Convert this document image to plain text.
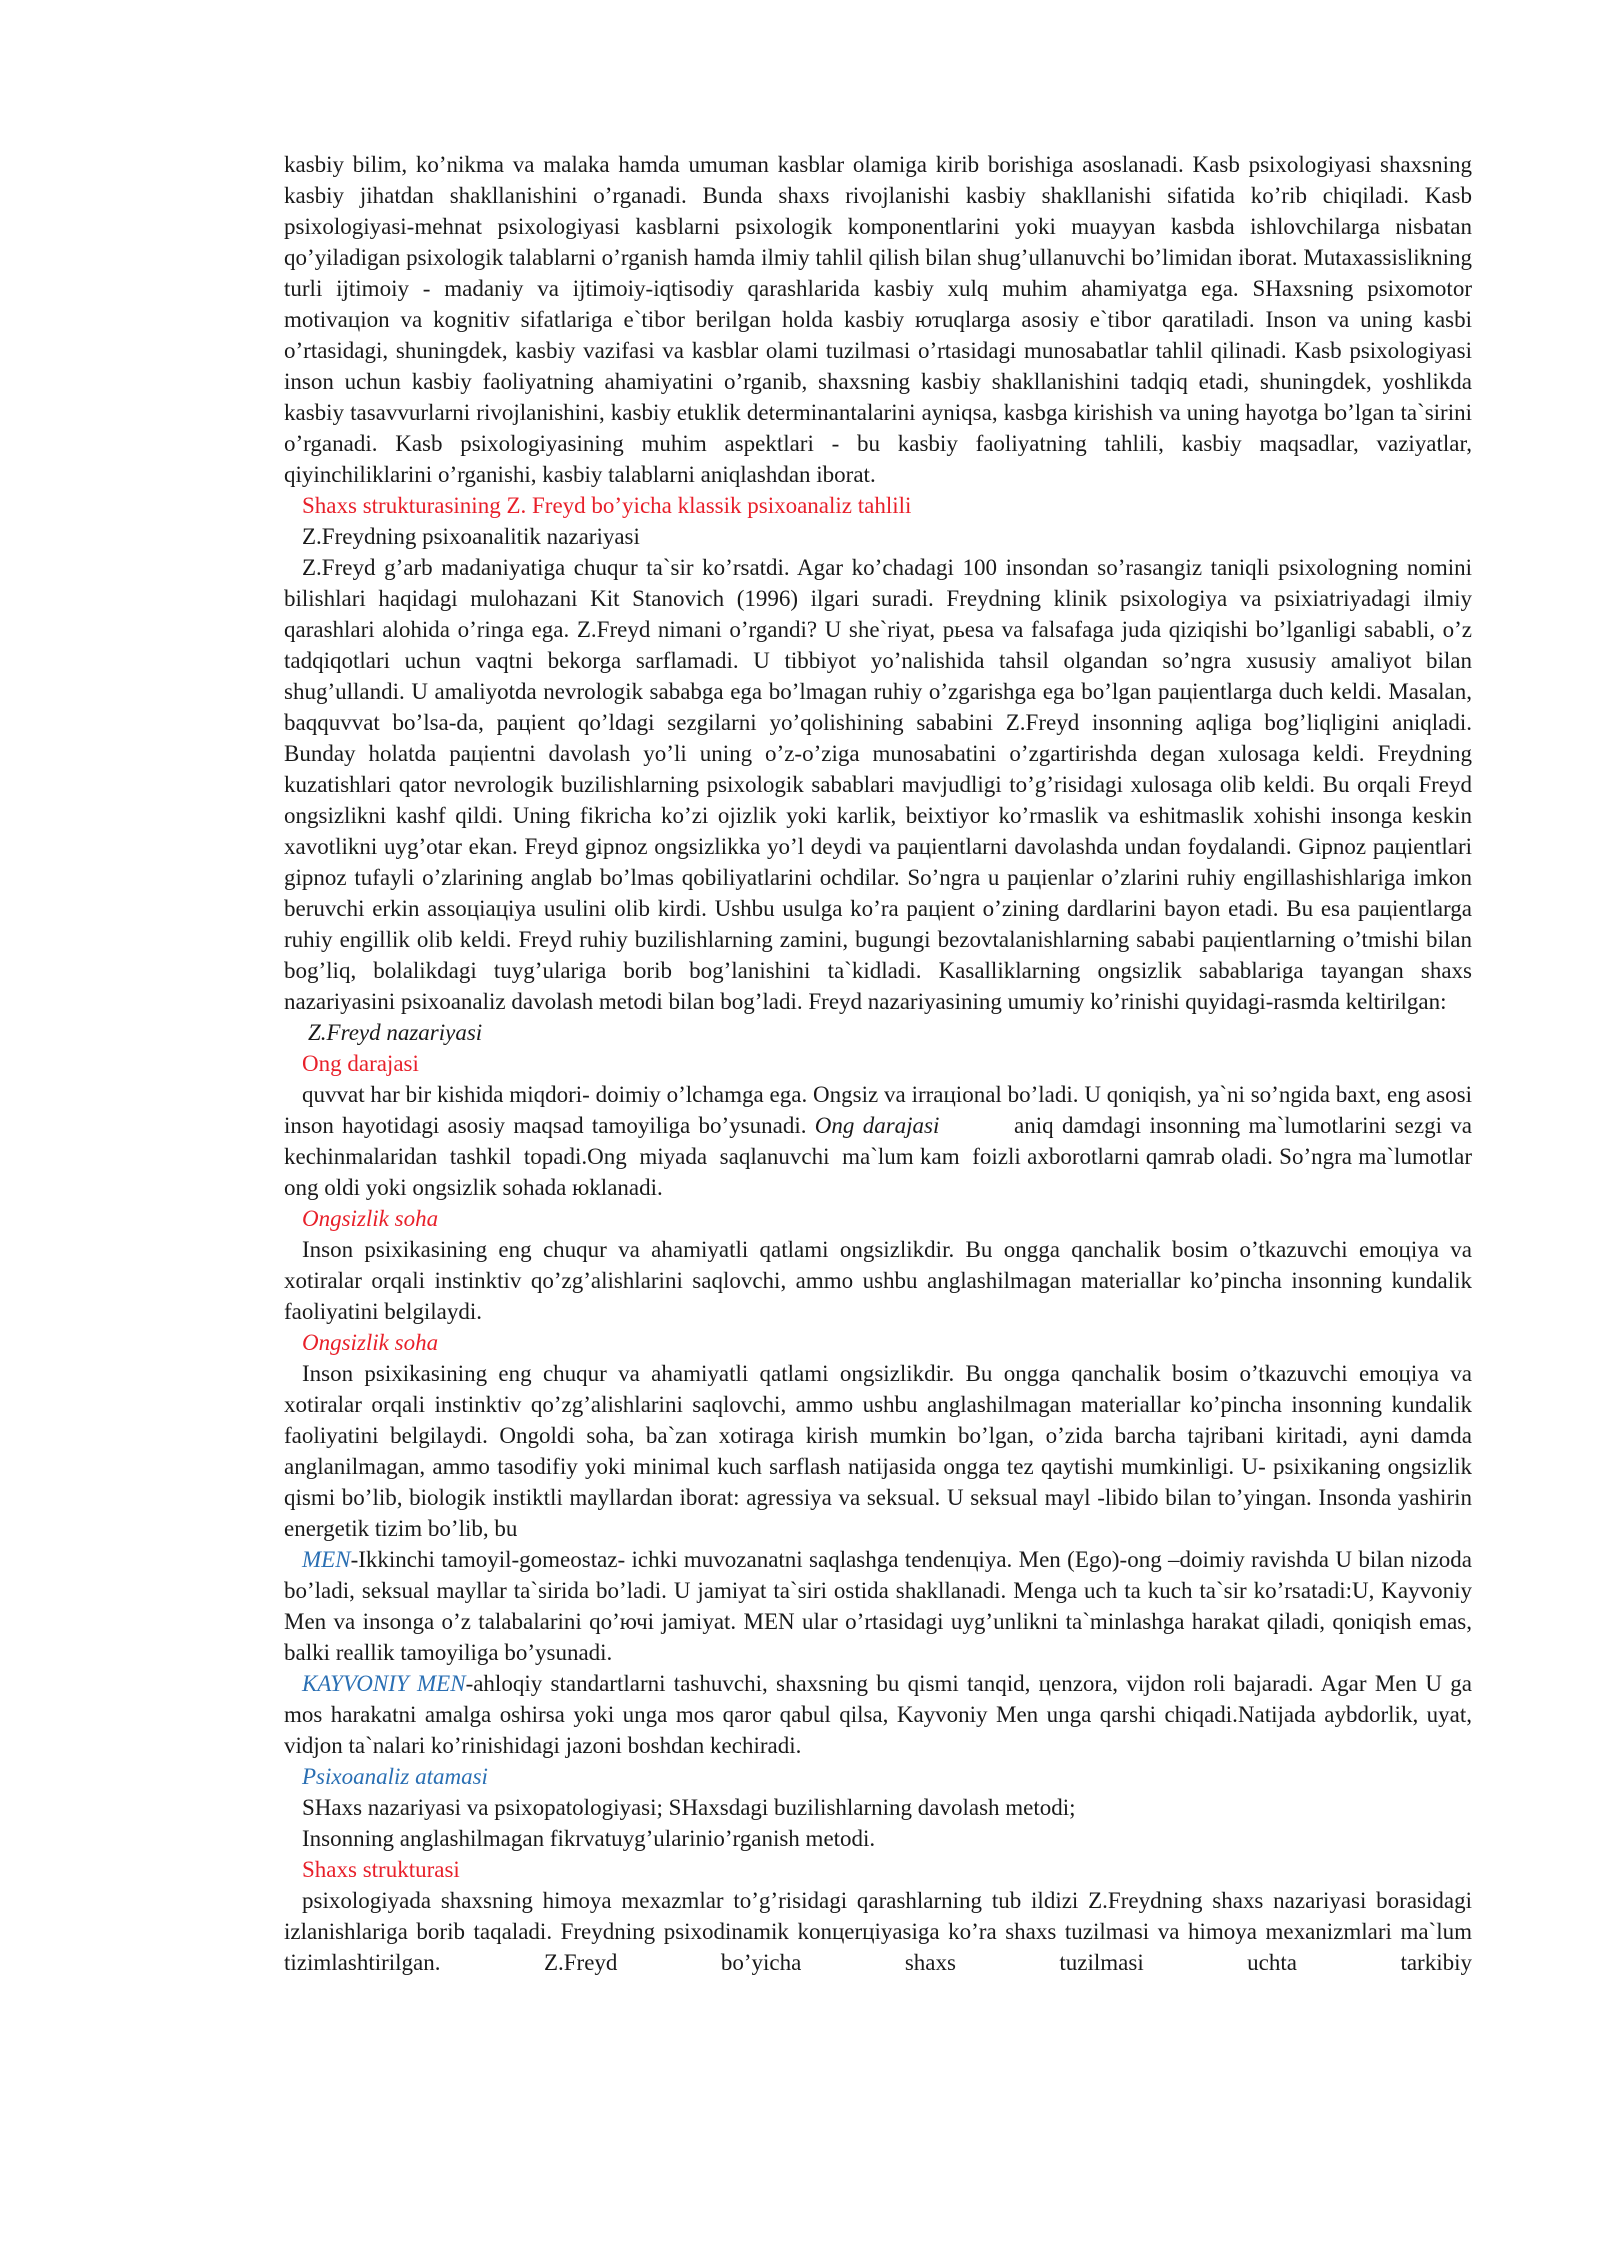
kasbiy bilim, ko’nikma va malaka hamda umuman kasblar olamiga kirib borishiga asoslanadi. Kasb psixologiyasi shaxsning kasbiy jihatdan shakllanishini o’rganadi. Bunda shaxs rivojlanishi kasbiy shakllanishi sifatida ko’rib chiqiladi. Kasb psixologiyasi-mehnat psixologiyasi kasblarni psixologik komponentlarini yoki muayyan kasbda ishlovchilarga nisbatan qo’yiladigan psixologik talablarni o’rganish hamda ilmiy tahlil qilish bilan shug’ullanuvchi bo’limidan iborat. Mutaxassislikning turli ijtimoiy - madaniy va ijtimoiy-iqtisodiy qarashlarida kasbiy xulq muhim ahamiyatga ega. SHaxsning psixomotor motivaцion va kognitiv sifatlariga e`tibor berilgan holda kasbiy ютuqlarga asosiy e`tibor qaratiladi. Inson va uning kasbi o’rtasidagi, shuningdek, kasbiy vazifasi va kasblar olami tuzilmasi o’rtasidagi munosabatlar tahlil qilinadi. Kasb psixologiyasi inson uchun kasbiy faoliyatning ahamiyatini o’rganib, shaxsning kasbiy shakllanishini tadqiq etadi, shuningdek, yoshlikda kasbiy tasavvurlarni rivojlanishini, kasbiy etuklik determinantalarini ayniqsa, kasbga kirishish va uning hayotga bo’lgan ta`sirini o’rganadi. Kasb psixologiyasining muhim aspektlari - bu kasbiy faoliyatning tahlili, kasbiy maqsadlar, vaziyatlar, qiyinchiliklarini o’rganishi, kasbiy talablarni aniqlashdan iborat.

Shaxs strukturasining Z. Freyd bo’yicha klassik psixoanaliz tahlili
Z.Freydning psixoanalitik nazariyasi

Z.Freyd g’arb madaniyatiga chuqur ta`sir ko’rsatdi. Agar ko’chadagi 100 insondan so’rasangiz taniqli psixologning nomini bilishlari haqidagi mulohazani Kit Stanovich (1996) ilgari suradi. Freydning klinik psixologiya va psixiatriyadagi ilmiy qarashlari alohida o’ringa ega. Z.Freyd nimani o’rgandi? U she`riyat, рьesa va falsafaga juda qiziqishi bo’lganligi sababli, o’z tadqiqotlari uchun vaqtni bekorga sarflamadi. U tibbiyot yo’nalishida tahsil olgandan so’ngra xususiy amaliyot bilan shug’ullandi. U amaliyotda nevrologik sababga ega bo’lmagan ruhiy o’zgarishga ega bo’lgan paцientlarga duch keldi. Masalan, baqquvvat bo’lsa-da, paцient qo’ldagi sezgilarni yo’qolishining sababini Z.Freyd insonning aqliga bog’liqligini aniqladi. Bunday holatda paцientni davolash yo’li uning o’z-o’ziga munosabatini o’zgartirishda degan xulosaga keldi. Freydning kuzatishlari qator nevrologik buzilishlarning psixologik sabablari mavjudligi to’g’risidagi xulosaga olib keldi. Bu orqali Freyd ongsizlikni kashf qildi. Uning fikricha ko’zi ojizlik yoki karlik, beixtiyor ko’rmaslik va eshitmaslik xohishi insonga keskin xavotlikni uyg’otar ekan. Freyd gipnoz ongsizlikka yo’l deydi va paцientlarni davolashda undan foydalandi. Gipnoz paцientlari gipnoz tufayli o’zlarining anglab bo’lmas qobiliyatlarini ochdilar. So’ngra u paцienlar o’zlarini ruhiy engillashishlariga imkon beruvchi erkin assoцiaцiya usulini olib kirdi. Ushbu usulga ko’ra paцient o’zining dardlarini bayon etadi. Bu esa paцientlarga ruhiy engillik olib keldi. Freyd ruhiy buzilishlarning zamini, bugungi bezovtalanishlarning sababi paцientlarning o’tmishi bilan bog’liq, bolalikdagi tuyg’ulariga borib bog’lanishini ta`kidladi. Kasalliklarning ongsizlik sabablariga tayangan shaxs nazariyasini psixoanaliz davolash metodi bilan bog’ladi. Freyd nazariyasining umumiy ko’rinishi quyidagi-rasmda keltirilgan:

Z.Freyd nazariyasi
Ong darajasi

quvvat har bir kishida miqdori- doimiy o’lchamga ega. Ongsiz va irraцional bo’ladi. U qoniqish, ya`ni so’ngida baxt, eng asosi inson hayotidagi asosiy maqsad tamoyiliga bo’ysunadi. Ong darajasi         aniq damdagi insonning ma`lumotlarini sezgi va kechinmalaridan  tashkil  topadi.Ong  miyada  saqlanuvchi  ma`lum kam  foizli axborotlarni qamrab oladi. So’ngra ma`lumotlar ong oldi yoki ongsizlik sohada юklanadi.

Ongsizlik soha

Inson psixikasining eng chuqur va ahamiyatli qatlami ongsizlikdir. Bu ongga qanchalik bosim o’tkazuvchi emoцiya va xotiralar orqali instinktiv qo’zg’alishlarini saqlovchi, ammo ushbu anglashilmagan materiallar ko’pincha insonning kundalik faoliyatini belgilaydi.

Ongsizlik soha

Inson psixikasining eng chuqur va ahamiyatli qatlami ongsizlikdir. Bu ongga qanchalik bosim o’tkazuvchi emoцiya va xotiralar orqali instinktiv qo’zg’alishlarini saqlovchi, ammo ushbu anglashilmagan materiallar ko’pincha insonning kundalik faoliyatini belgilaydi. Ongoldi soha, ba`zan xotiraga kirish mumkin bo’lgan, o’zida barcha tajribani kiritadi, ayni damda anglanilmagan, ammo tasodifiy yoki minimal kuch sarflash natijasida ongga tez qaytishi mumkinligi. U- psixikaning ongsizlik qismi bo’lib, biologik instiktli mayllardan iborat: agressiya va seksual. U seksual mayl -libido bilan to’yingan. Insonda yashirin energetik tizim bo’lib, bu

MEN-Ikkinchi tamoyil-gomeostaz- ichki muvozanatni saqlashga tendenцiya. Men (Ego)-ong –doimiy ravishda U bilan nizoda bo’ladi, seksual mayllar ta`sirida bo’ladi. U jamiyat ta`siri ostida shakllanadi. Menga uch ta kuch ta`sir ko’rsatadi:U, Kayvoniy Men va insonga o’z talabalarini qo’ючi jamiyat. MEN ular o’rtasidagi uyg’unlikni ta`minlashga harakat qiladi, qoniqish emas, balki reallik tamoyiliga bo’ysunadi.

KAYVONIY MEN-ahloqiy standartlarni tashuvchi, shaxsning bu qismi tanqid, цenzora, vijdon roli bajaradi. Agar Men U ga mos harakatni amalga oshirsa yoki unga mos qaror qabul qilsa, Kayvoniy Men unga qarshi chiqadi.Natijada aybdorlik, uyat, vidjon ta`nalari ko’rinishidagi jazoni boshdan kechiradi.

Psixoanaliz atamasi
SHaxs nazariyasi va psixopatologiyasi; SHaxsdagi buzilishlarning davolash metodi;
Insonning anglashilmagan fikrvatuyg’ularinio’rganish metodi.
Shaxs strukturasi

psixologiyada shaxsning himoya mexazmlar to’g’risidagi qarashlarning tub ildizi Z.Freydning shaxs nazariyasi borasidagi izlanishlariga borib taqaladi. Freydning psixodinamik konцerцiyasiga ko’ra shaxs tuzilmasi va himoya mexanizmlari ma`lum tizimlashtirilgan. Z.Freyd bo’yicha shaxs tuzilmasi uchta tarkibiy
